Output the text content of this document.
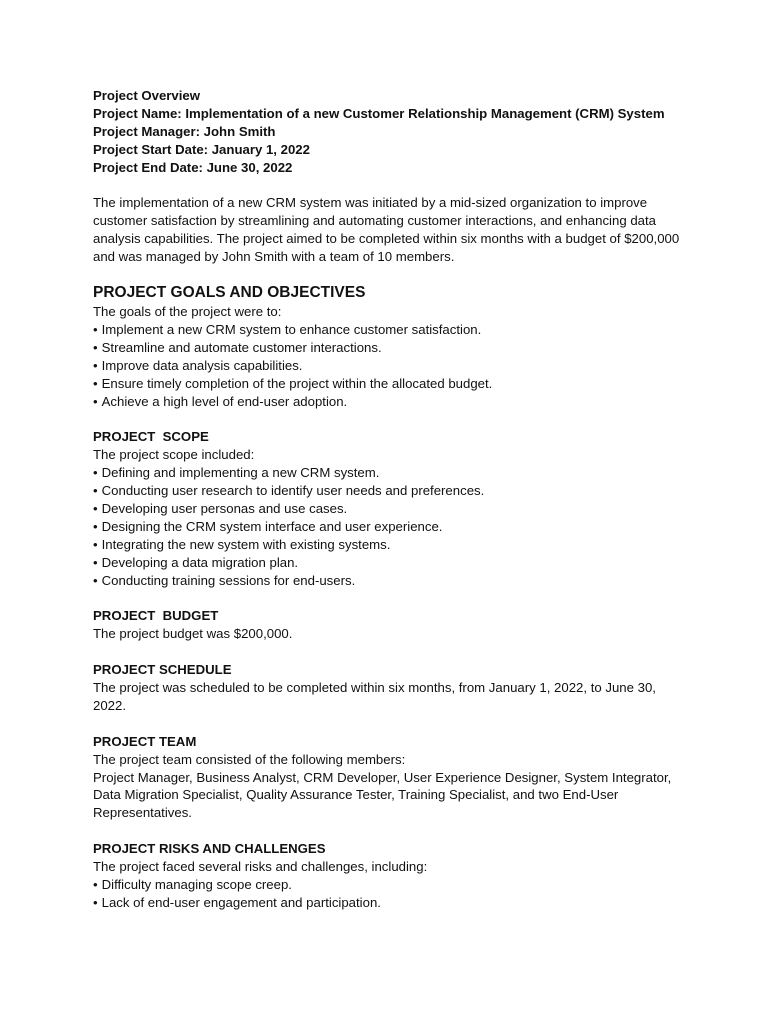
Project Overview

Project Name: Implementation of a new Customer Relationship Management (CRM) System

Project Manager: John Smith

Project Start Date: January 1, 2022

Project End Date: June 30, 2022

The implementation of a new CRM system was initiated by a mid-sized organization to improve customer satisfaction by streamlining and automating customer interactions, and enhancing data analysis capabilities. The project aimed to be completed within six months with a budget of $200,000 and was managed by John Smith with a team of 10 members.

PROJECT GOALS AND OBJECTIVES

The goals of the project were to:

• Implement a new CRM system to enhance customer satisfaction.
• Streamline and automate customer interactions.
• Improve data analysis capabilities.
• Ensure timely completion of the project within the allocated budget.
• Achieve a high level of end-user adoption.

PROJECT  SCOPE

The project scope included:

• Defining and implementing a new CRM system.
• Conducting user research to identify user needs and preferences.
• Developing user personas and use cases.
• Designing the CRM system interface and user experience.
• Integrating the new system with existing systems.
• Developing a data migration plan.
• Conducting training sessions for end-users.

PROJECT  BUDGET

The project budget was $200,000.

PROJECT SCHEDULE

The project was scheduled to be completed within six months, from January 1, 2022, to June 30, 2022.

PROJECT TEAM

The project team consisted of the following members:

Project Manager, Business Analyst, CRM Developer, User Experience Designer, System Integrator, Data Migration Specialist, Quality Assurance Tester, Training Specialist, and two End-User Representatives.

PROJECT RISKS AND CHALLENGES

The project faced several risks and challenges, including:

• Difficulty managing scope creep.
• Lack of end-user engagement and participation.
